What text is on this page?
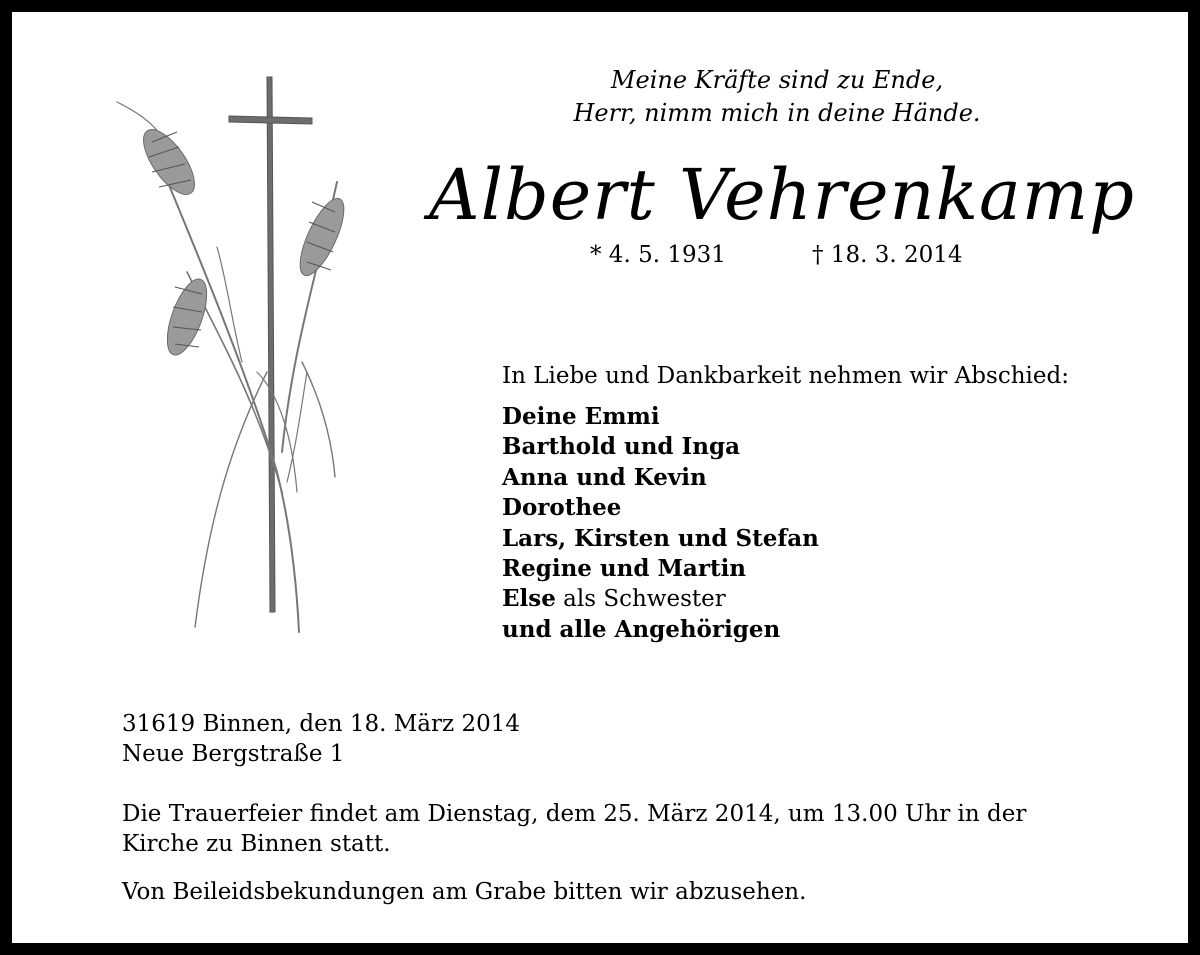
Meine Kräfte sind zu Ende,
Herr, nimm mich in deine Hände.
Albert Vehrenkamp
* 4. 5. 1931	† 18. 3. 2014
In Liebe und Dankbarkeit nehmen wir Abschied:
Deine Emmi
Barthold und Inga
Anna und Kevin
Dorothee
Lars, Kirsten und Stefan
Regine und Martin
Else als Schwester
und alle Angehörigen
31619 Binnen, den 18. März 2014
Neue Bergstraße 1
Die Trauerfeier findet am Dienstag, dem 25. März 2014, um 13.00 Uhr in der
Kirche zu Binnen statt.
Von Beileidsbekundungen am Grabe bitten wir abzusehen.
